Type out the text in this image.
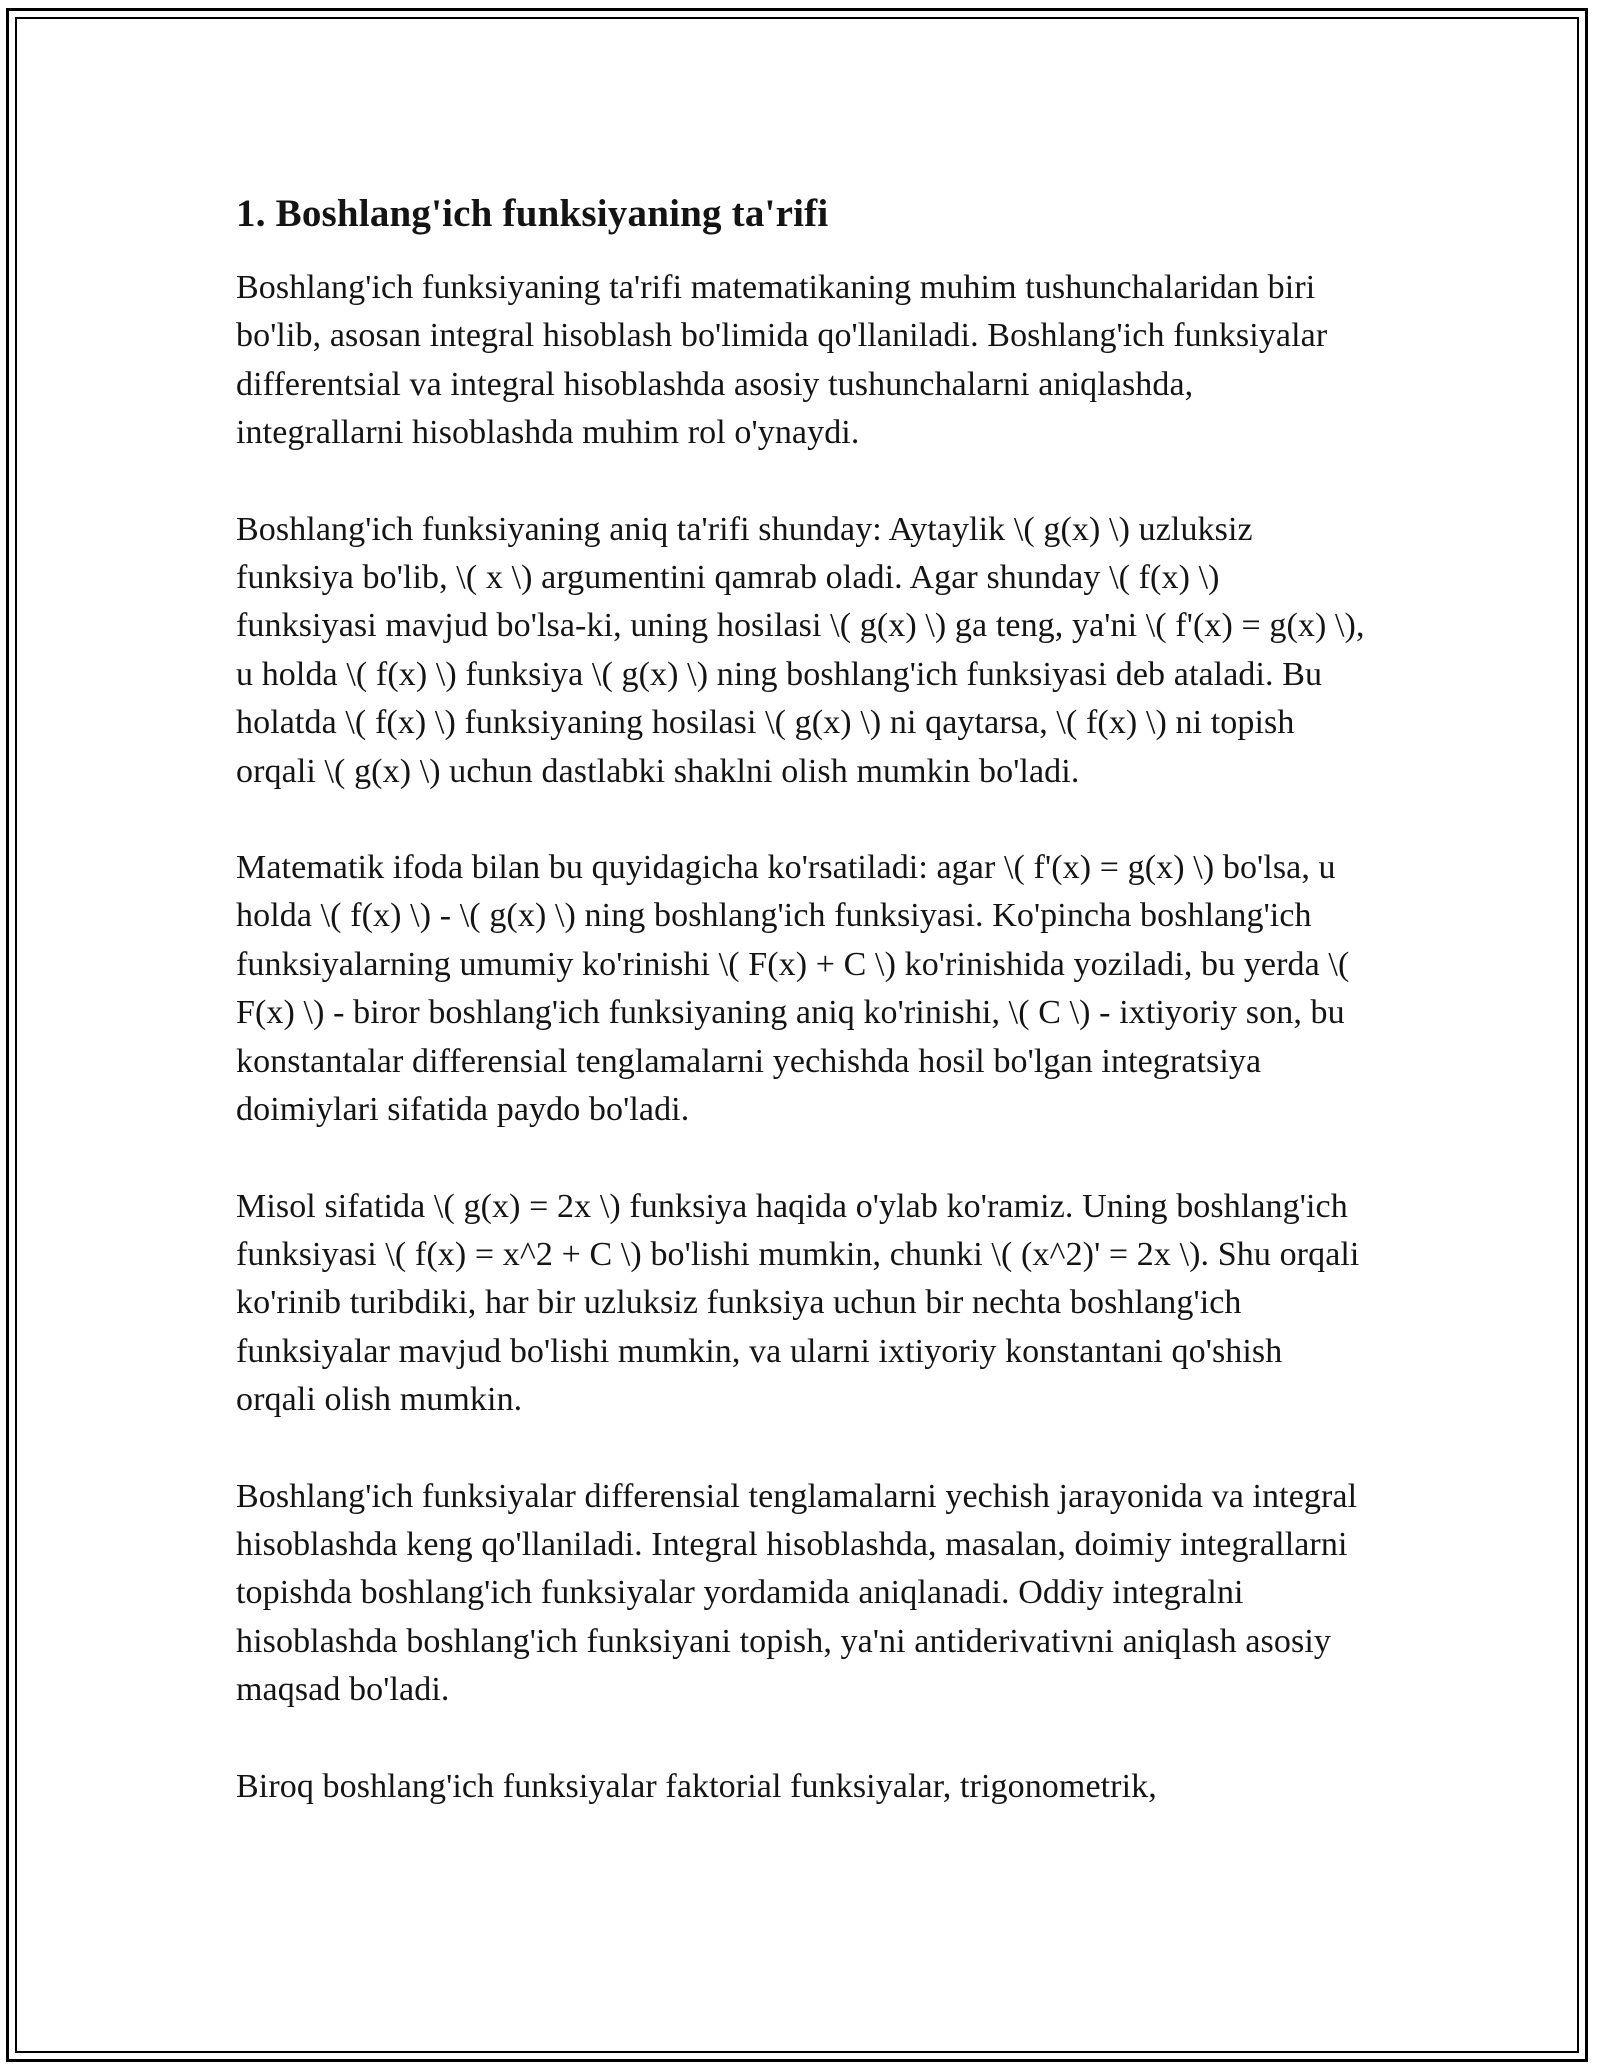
1. Boshlang'ich funksiyaning ta'rifi

Boshlang'ich funksiyaning ta'rifi matematikaning muhim tushunchalaridan biri bo'lib, asosan integral hisoblash bo'limida qo'llaniladi. Boshlang'ich funksiyalar differentsial va integral hisoblashda asosiy tushunchalarni aniqlashda, integrallarni hisoblashda muhim rol o'ynaydi.

Boshlang'ich funksiyaning aniq ta'rifi shunday: Aytaylik \( g(x) \) uzluksiz funksiya bo'lib, \( x \) argumentini qamrab oladi. Agar shunday \( f(x) \) funksiyasi mavjud bo'lsa-ki, uning hosilasi \( g(x) \) ga teng, ya'ni \( f'(x) = g(x) \), u holda \( f(x) \) funksiya \( g(x) \) ning boshlang'ich funksiyasi deb ataladi. Bu holatda \( f(x) \) funksiyaning hosilasi \( g(x) \) ni qaytarsa, \( f(x) \) ni topish orqali \( g(x) \) uchun dastlabki shaklni olish mumkin bo'ladi.

Matematik ifoda bilan bu quyidagicha ko'rsatiladi: agar \( f'(x) = g(x) \) bo'lsa, u holda \( f(x) \) - \( g(x) \) ning boshlang'ich funksiyasi. Ko'pincha boshlang'ich funksiyalarning umumiy ko'rinishi \( F(x) + C \) ko'rinishida yoziladi, bu yerda \( F(x) \) - biror boshlang'ich funksiyaning aniq ko'rinishi, \( C \) - ixtiyoriy son, bu konstantalar differensial tenglamalarni yechishda hosil bo'lgan integratsiya doimiylari sifatida paydo bo'ladi.

Misol sifatida \( g(x) = 2x \) funksiya haqida o'ylab ko'ramiz. Uning boshlang'ich funksiyasi \( f(x) = x^2 + C \) bo'lishi mumkin, chunki \( (x^2)' = 2x \). Shu orqali ko'rinib turibdiki, har bir uzluksiz funksiya uchun bir nechta boshlang'ich funksiyalar mavjud bo'lishi mumkin, va ularni ixtiyoriy konstantani qo'shish orqali olish mumkin.

Boshlang'ich funksiyalar differensial tenglamalarni yechish jarayonida va integral hisoblashda keng qo'llaniladi. Integral hisoblashda, masalan, doimiy integrallarni topishda boshlang'ich funksiyalar yordamida aniqlanadi. Oddiy integralni hisoblashda boshlang'ich funksiyani topish, ya'ni antiderivativni aniqlash asosiy maqsad bo'ladi.

Biroq boshlang'ich funksiyalar faktorial funksiyalar, trigonometrik,
